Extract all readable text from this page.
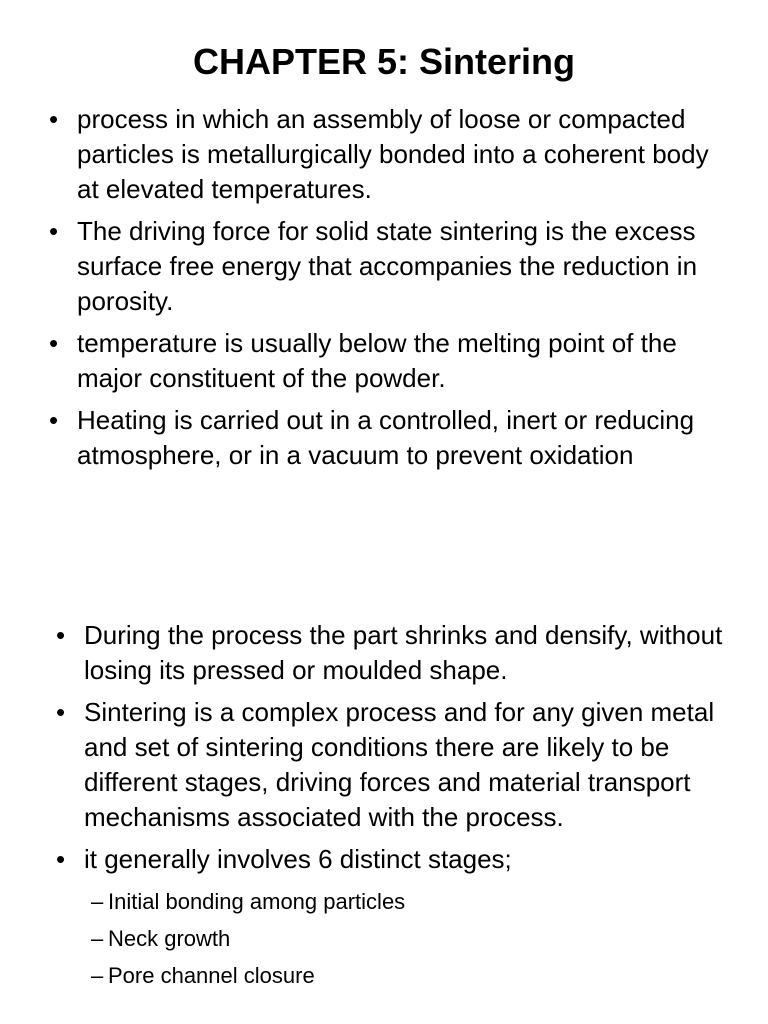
CHAPTER 5: Sintering
• process in which an assembly of loose or compacted particles is metallurgically bonded into a coherent body at elevated temperatures.
• The driving force for solid state sintering is the excess surface free energy that accompanies the reduction in porosity.
• temperature is usually below the melting point of the major constituent of the powder.
• Heating is carried out in a controlled, inert or reducing atmosphere, or in a vacuum to prevent oxidation
• During the process the part shrinks and densify, without losing its pressed or moulded shape.
• Sintering is a complex process and for any given metal and set of sintering conditions there are likely to be different stages, driving forces and material transport mechanisms associated with the process.
• it generally involves 6 distinct stages;
– Initial bonding among particles
– Neck growth
– Pore channel closure
